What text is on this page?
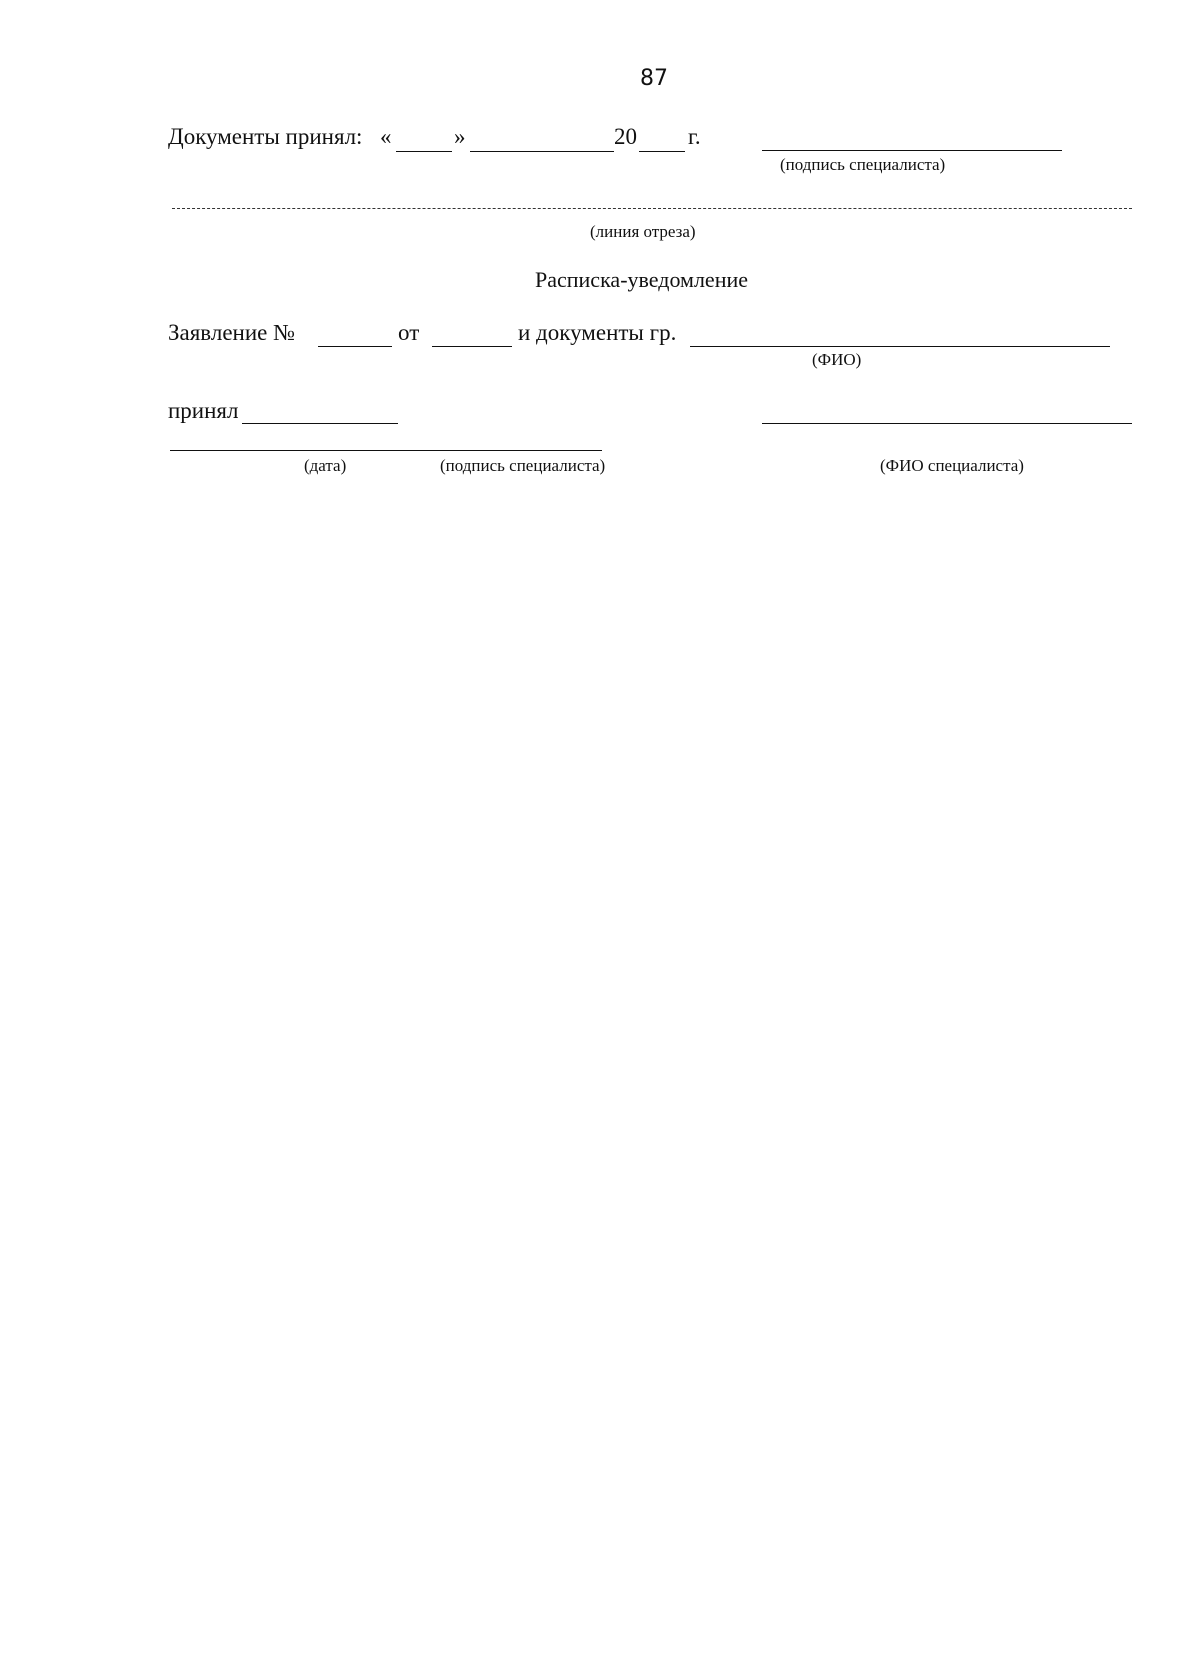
87
Документы принял: «	»	20 г.
(подпись специалиста)
(линия отреза)
Расписка-уведомление
Заявление №	от	и документы гр.
(ФИО)
принял
(дата)	(подпись специалиста)	(ФИО специалиста)
